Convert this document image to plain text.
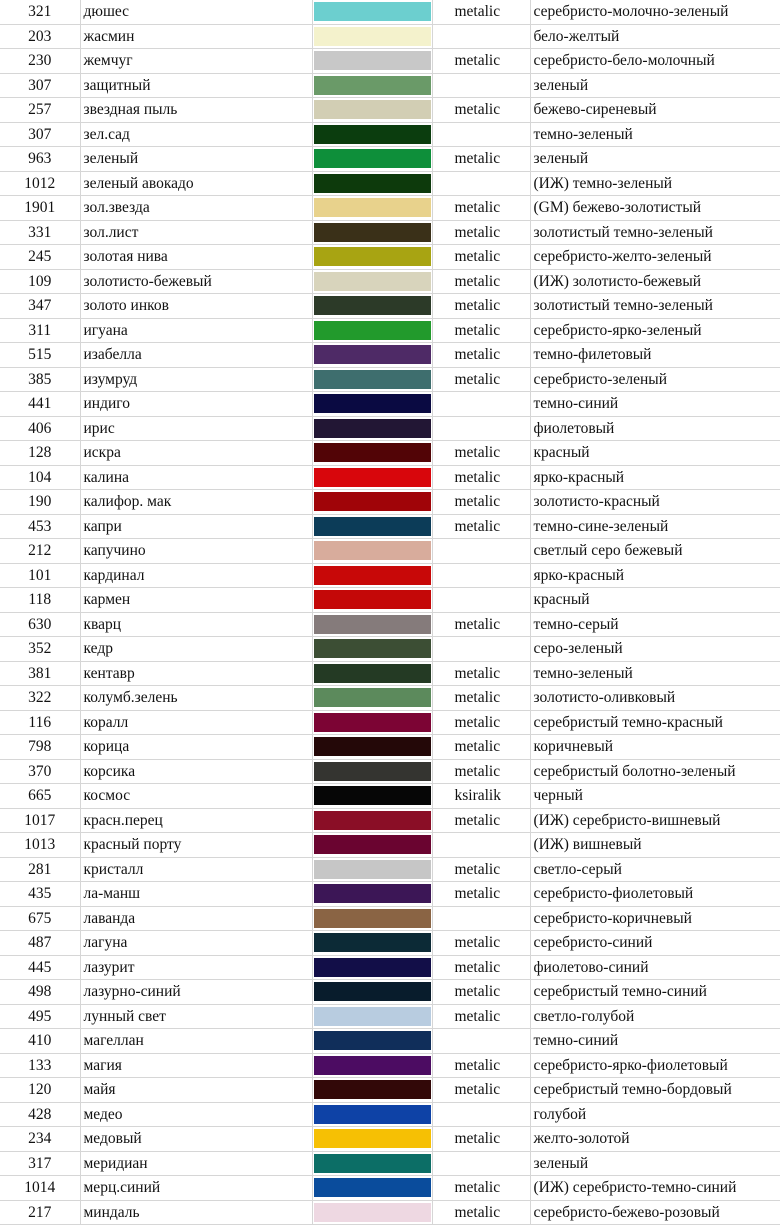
321	дюшес		metalic	серебристо-молочно-зеленый
203	жасмин			бело-желтый
230	жемчуг		metalic	серебристо-бело-молочный
307	защитный			зеленый
257	звездная пыль		metalic	бежево-сиреневый
307	зел.сад			темно-зеленый
963	зеленый		metalic	зеленый
1012	зеленый авокадо			(ИЖ) темно-зеленый
1901	зол.звезда		metalic	(GM) бежево-золотистый
331	зол.лист		metalic	золотистый темно-зеленый
245	золотая нива		metalic	серебристо-желто-зеленый
109	золотисто-бежевый		metalic	(ИЖ) золотисто-бежевый
347	золото инков		metalic	золотистый темно-зеленый
311	игуана		metalic	серебристо-ярко-зеленый
515	изабелла		metalic	темно-филетовый
385	изумруд		metalic	серебристо-зеленый
441	индиго			темно-синий
406	ирис			фиолетовый
128	искра		metalic	красный
104	калина		metalic	ярко-красный
190	калифор. мак		metalic	золотисто-красный
453	капри		metalic	темно-сине-зеленый
212	капучино			светлый серо бежевый
101	кардинал			ярко-красный
118	кармен			красный
630	кварц		metalic	темно-серый
352	кедр			серо-зеленый
381	кентавр		metalic	темно-зеленый
322	колумб.зелень		metalic	золотисто-оливковый
116	коралл		metalic	серебристый темно-красный
798	корица		metalic	коричневый
370	корсика		metalic	серебристый болотно-зеленый
665	космос		ksiralik	черный
1017	красн.перец		metalic	(ИЖ) серебристо-вишневый
1013	красный порту			(ИЖ) вишневый
281	кристалл		metalic	светло-серый
435	ла-манш		metalic	серебристо-фиолетовый
675	лаванда			серебристо-коричневый
487	лагуна		metalic	серебристо-синий
445	лазурит		metalic	фиолетово-синий
498	лазурно-синий		metalic	серебристый темно-синий
495	лунный свет		metalic	светло-голубой
410	магеллан			темно-синий
133	магия		metalic	серебристо-ярко-фиолетовый
120	майя		metalic	серебристый темно-бордовый
428	медео			голубой
234	медовый		metalic	желто-золотой
317	меридиан			зеленый
1014	мерц.синий		metalic	(ИЖ) серебристо-темно-синий
217	миндаль		metalic	серебристо-бежево-розовый
